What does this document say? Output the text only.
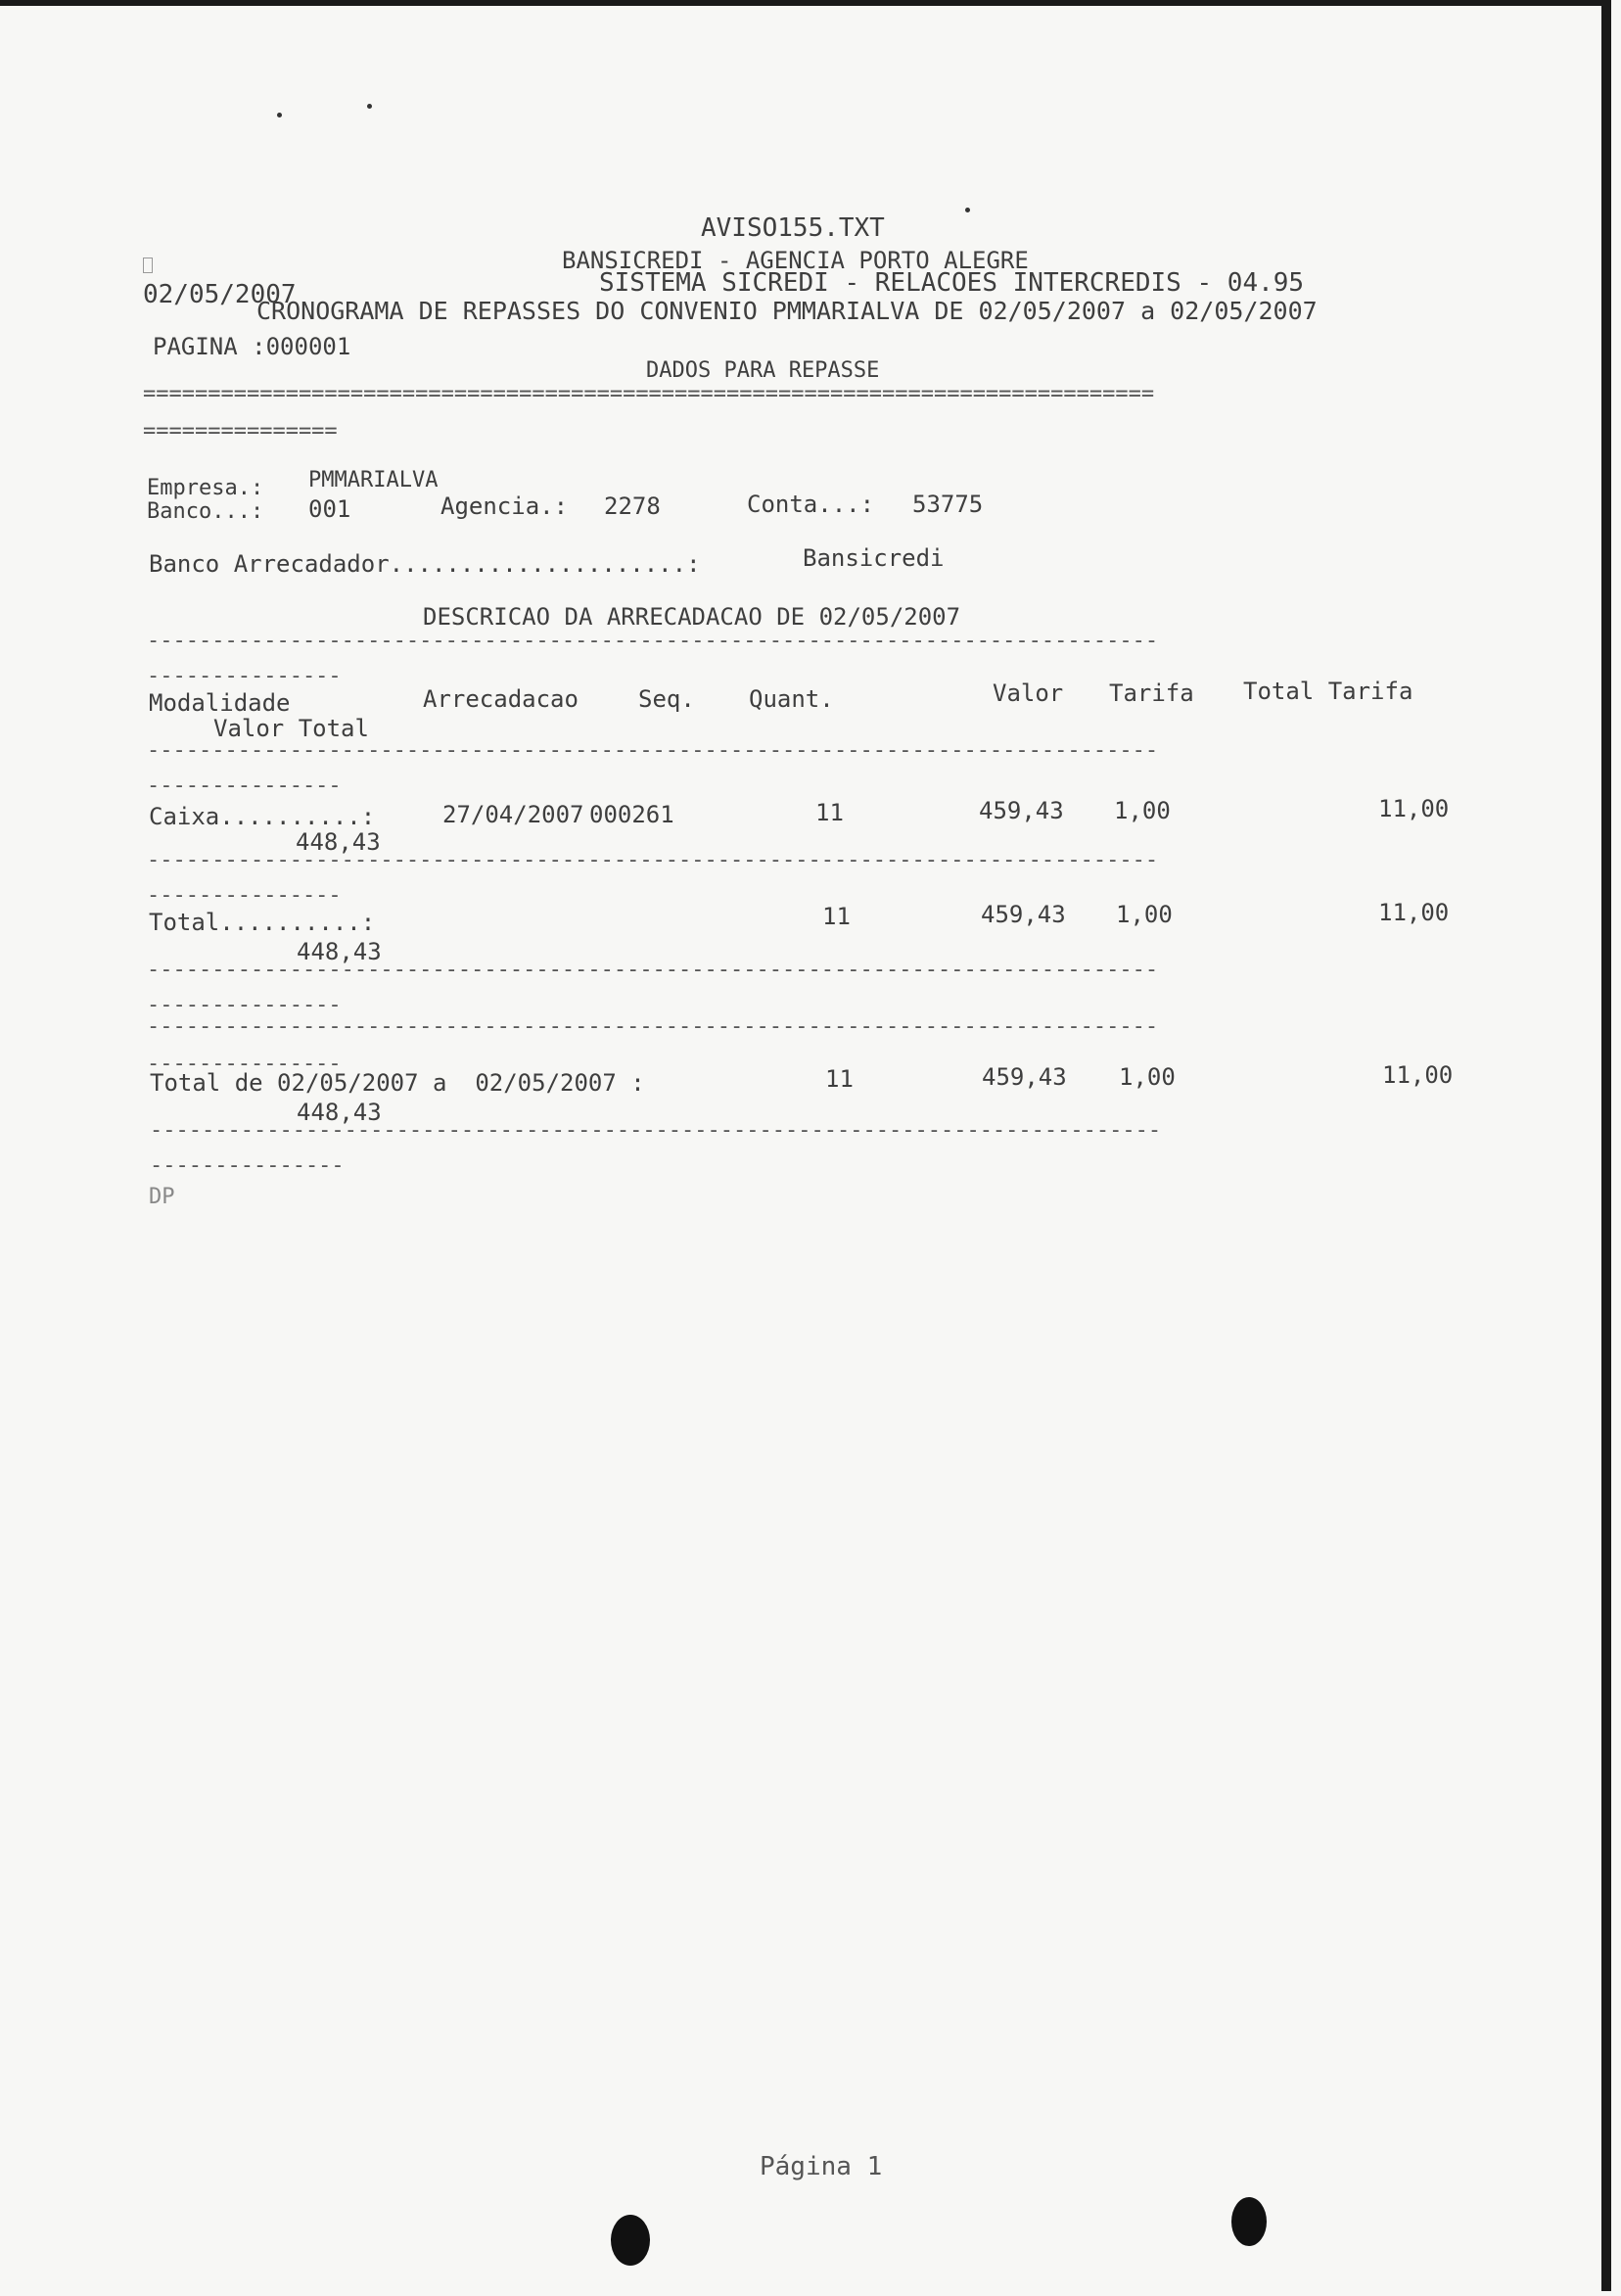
AVISO155.TXT
BANSICREDI - AGENCIA PORTO ALEGRE
02/05/2007	SISTEMA SICREDI - RELACOES INTERCREDIS - 04.95
CRONOGRAMA DE REPASSES DO CONVENIO PMMARIALVA DE 02/05/2007 a 02/05/2007
PAGINA :000001
DADOS PARA REPASSE
==============================================================================
===============
Empresa.: PMMARIALVA
Banco...: 001	Agencia.: 2278	Conta...: 53775
Banco Arrecadador.....................:	Bansicredi
DESCRICAO DA ARRECADACAO DE 02/05/2007
------------------------------------------------------------------------------
---------------
Modalidade	Arrecadacao	Seq. Quant.	Valor Tarifa Total Tarifa
Valor Total
------------------------------------------------------------------------------
---------------
Caixa..........:	27/04/2007 000261	11	459,43 1,00	11,00
448,43
------------------------------------------------------------------------------
---------------
Total..........:	11	459,43 1,00	11,00
448,43
------------------------------------------------------------------------------
---------------
------------------------------------------------------------------------------
---------------
Total de 02/05/2007 a  02/05/2007 :	11	459,43 1,00	11,00
448,43
------------------------------------------------------------------------------
---------------
DP
Página 1
